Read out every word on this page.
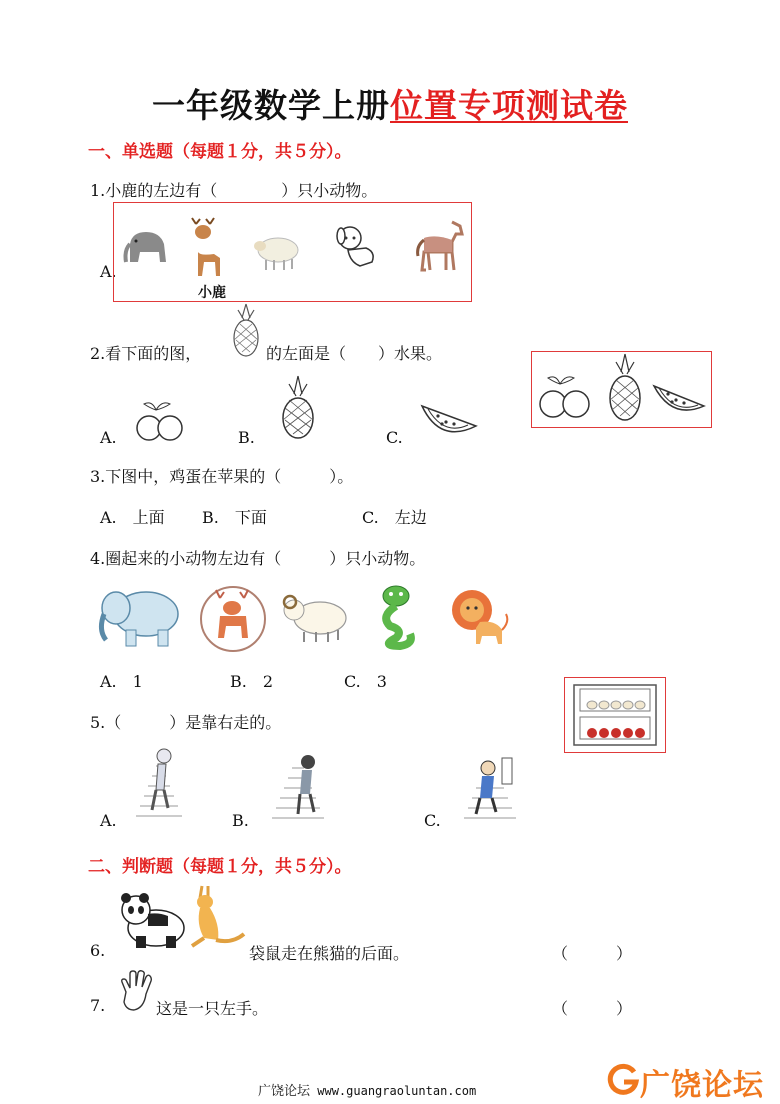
一年级数学上册位置专项测试卷
一、单选题（每题１分，共５分）。
1.小鹿的左边有（　　　　）只小动物。
A.
小鹿
2.看下面的图，	的左面是（　　）水果。
A.	B.	C.
3.下图中，鸡蛋在苹果的（　　　）。
A.　上面 B.　下面	C.　左边
4.圈起来的小动物左边有（　　　）只小动物。
A.　1	B.　2	C.　3
5.（　　　）是靠右走的。
A.	B.	C.
二、判断题（每题１分，共５分）。
6.	袋鼠走在熊猫的后面。	（　　　）
7.	这是一只左手。	（　　　）
广饶论坛 www.guangraoluntan.com	广饶论坛
